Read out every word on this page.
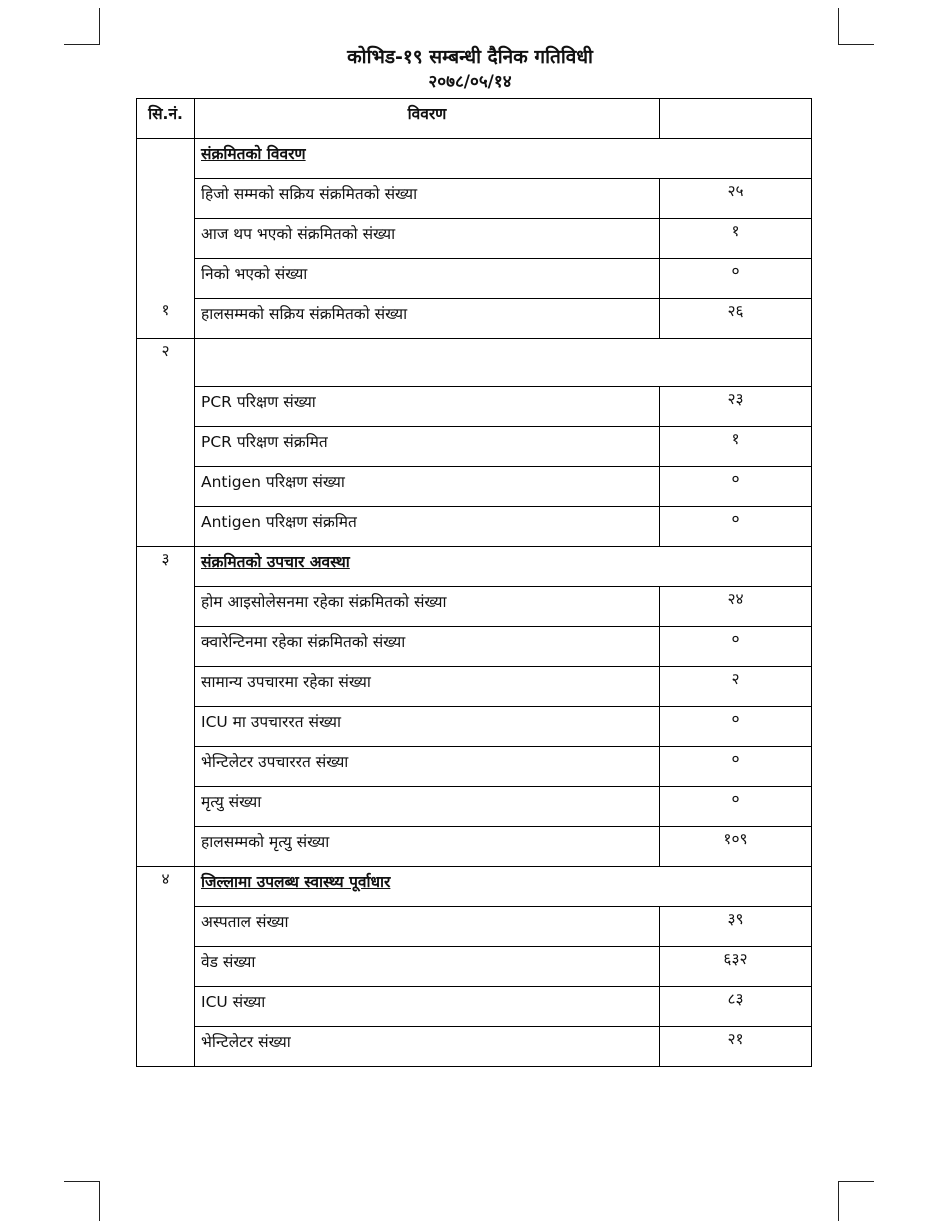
कोभिड-१९ सम्बन्धी दैनिक गतिविधी
२०७८/०५/१४
सि.नं.	विवरण	
१	संक्रमितको विवरण	
	हिजो सम्मको सक्रिय संक्रमितको संख्या	२५
	आज थप भएको संक्रमितको संख्या	१
	निको भएको संख्या	०
	हालसम्मको सक्रिय संक्रमितको संख्या	२६
२		
	PCR परिक्षण संख्या	२३
	PCR परिक्षण संक्रमित	१
	Antigen परिक्षण संख्या	०
	Antigen परिक्षण संक्रमित	०
३	संक्रमितको उपचार अवस्था	
	होम आइसोलेसनमा रहेका संक्रमितको संख्या	२४
	क्वारेन्टिनमा रहेका संक्रमितको संख्या	०
	सामान्य उपचारमा रहेका संख्या	२
	ICU मा उपचाररत संख्या	०
	भेन्टिलेटर उपचाररत संख्या	०
	मृत्यु संख्या	०
	हालसम्मको मृत्यु संख्या	१०९
४	जिल्लामा उपलब्ध स्वास्थ्य पूर्वाधार	
	अस्पताल संख्या	३९
	वेड संख्या	६३२
	ICU संख्या	८३
	भेन्टिलेटर संख्या	२१
